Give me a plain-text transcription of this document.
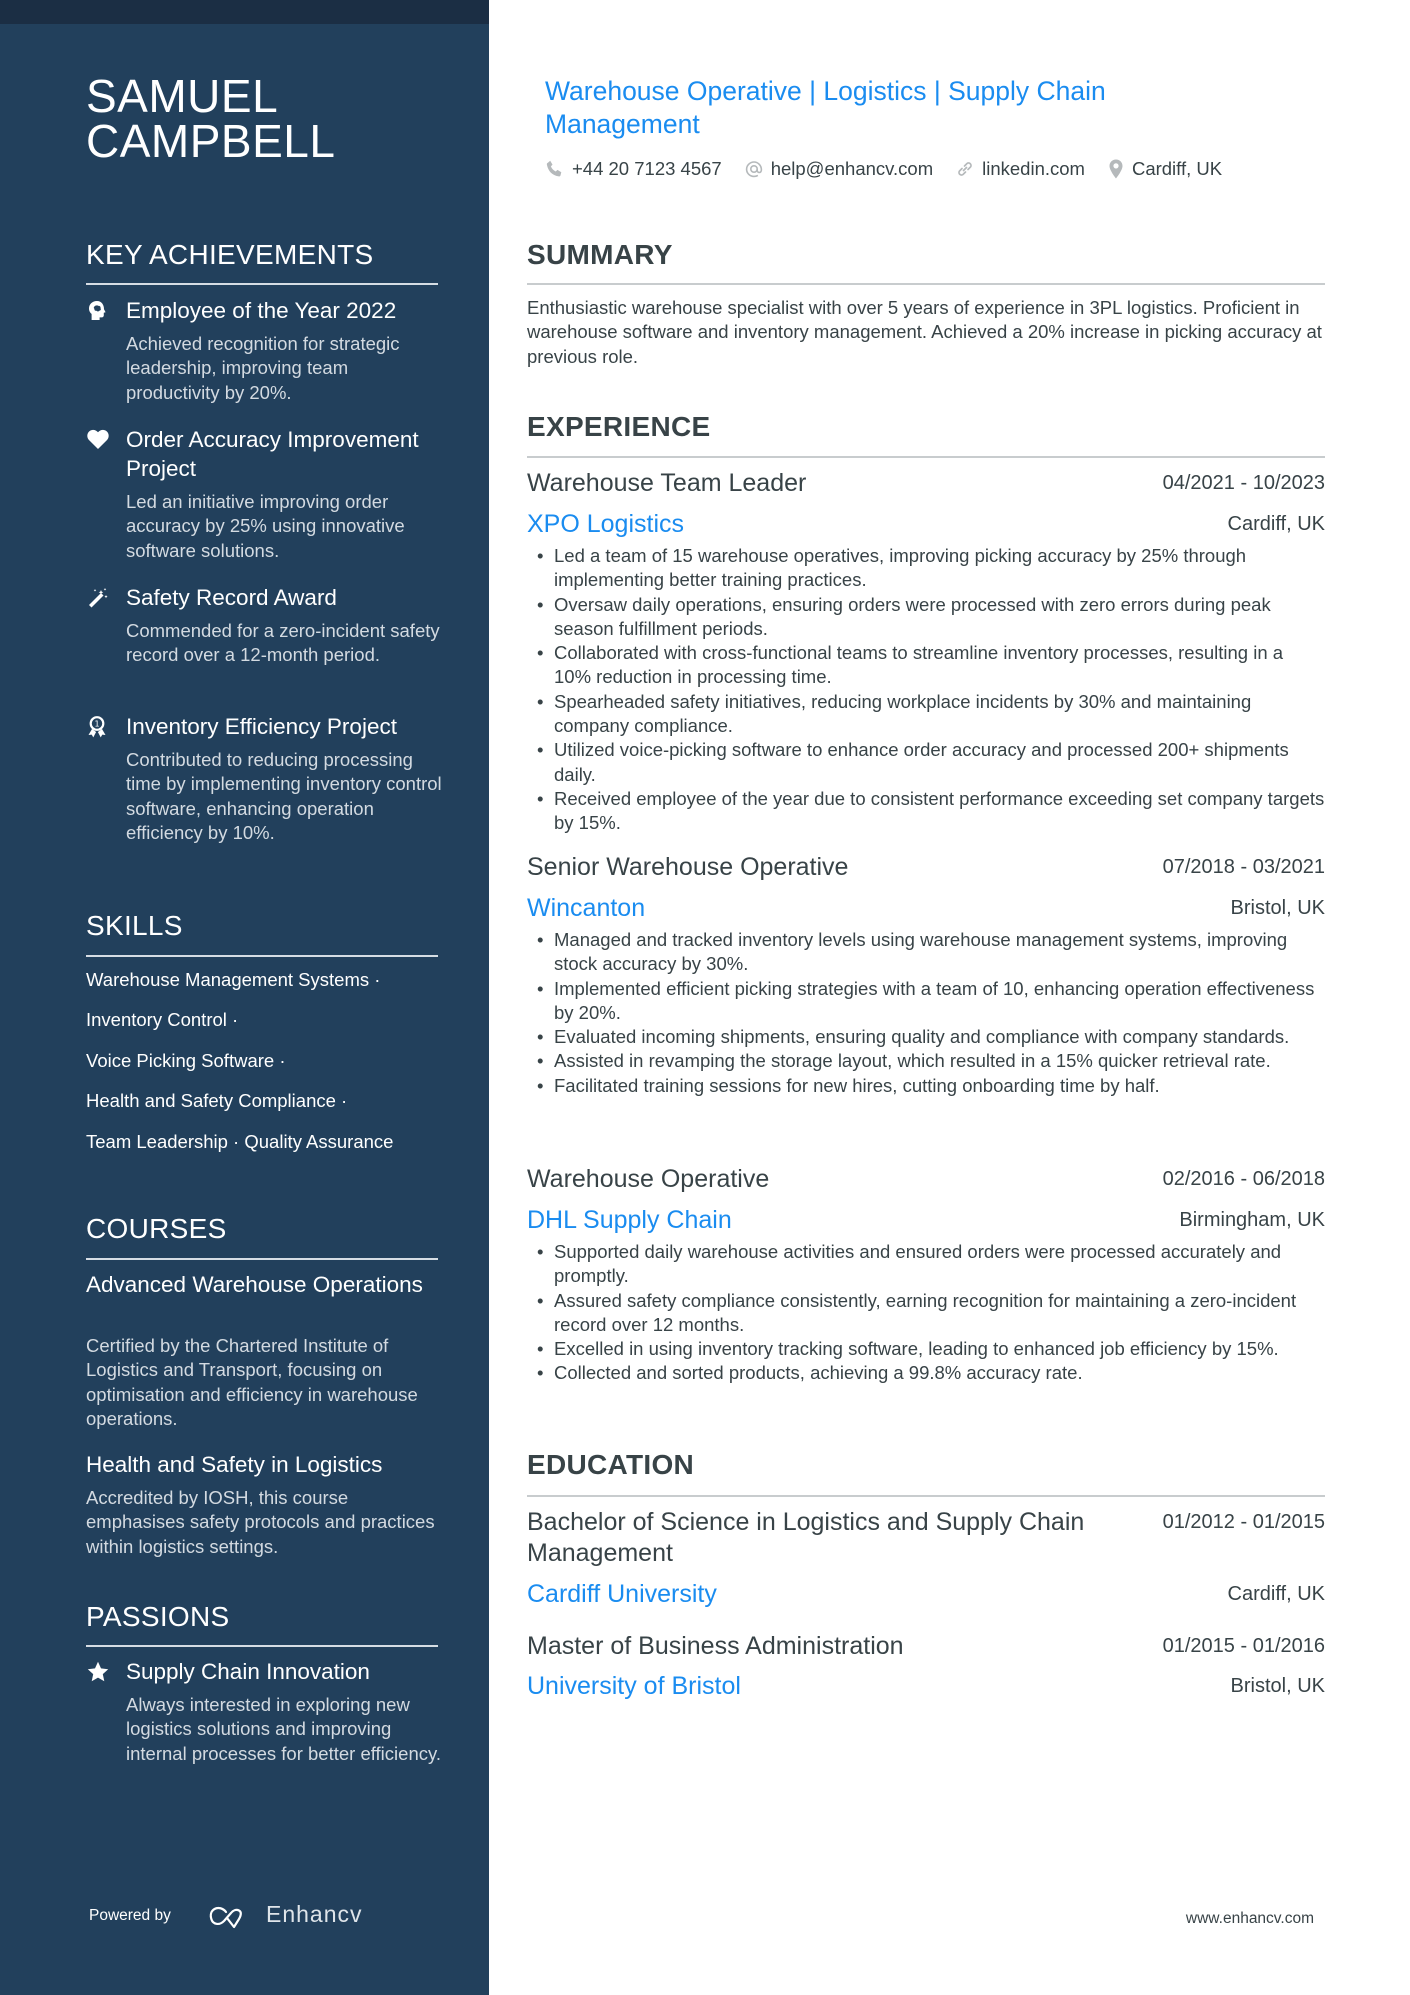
SAMUEL
CAMPBELL
KEY ACHIEVEMENTS
Employee of the Year 2022
Achieved recognition for strategic leadership, improving team productivity by 20%.
Order Accuracy Improvement Project
Led an initiative improving order accuracy by 25% using innovative software solutions.
Safety Record Award
Commended for a zero-incident safety record over a 12-month period.
1 Inventory Efficiency Project
Contributed to reducing processing time by implementing inventory control software, enhancing operation efficiency by 10%.
SKILLS
Warehouse Management Systems ·
Inventory Control ·
Voice Picking Software ·
Health and Safety Compliance ·
Team Leadership · Quality Assurance
COURSES
Advanced Warehouse Operations
Certified by the Chartered Institute of Logistics and Transport, focusing on optimisation and efficiency in warehouse operations.
Health and Safety in Logistics
Accredited by IOSH, this course emphasises safety protocols and practices within logistics settings.
PASSIONS
Supply Chain Innovation
Always interested in exploring new logistics solutions and improving internal processes for better efficiency.
Powered by	Enhancv
Warehouse Operative | Logistics | Supply Chain Management
+44 20 7123 4567	help@enhancv.com	linkedin.com	Cardiff, UK
SUMMARY

Enthusiastic warehouse specialist with over 5 years of experience in 3PL logistics. Proficient in warehouse software and inventory management. Achieved a 20% increase in picking accuracy at previous role.

EXPERIENCE
Warehouse Team Leader	04/2021 - 10/2023
XPO Logistics	Cardiff, UK
• Led a team of 15 warehouse operatives, improving picking accuracy by 25% through implementing better training practices.
• Oversaw daily operations, ensuring orders were processed with zero errors during peak season fulfillment periods.
• Collaborated with cross-functional teams to streamline inventory processes, resulting in a 10% reduction in processing time.
• Spearheaded safety initiatives, reducing workplace incidents by 30% and maintaining company compliance.
• Utilized voice-picking software to enhance order accuracy and processed 200+ shipments daily.
• Received employee of the year due to consistent performance exceeding set company targets by 15%.
Senior Warehouse Operative	07/2018 - 03/2021
Wincanton	Bristol, UK
• Managed and tracked inventory levels using warehouse management systems, improving stock accuracy by 30%.
• Implemented efficient picking strategies with a team of 10, enhancing operation effectiveness by 20%.
• Evaluated incoming shipments, ensuring quality and compliance with company standards.
• Assisted in revamping the storage layout, which resulted in a 15% quicker retrieval rate.
• Facilitated training sessions for new hires, cutting onboarding time by half.
Warehouse Operative	02/2016 - 06/2018
DHL Supply Chain	Birmingham, UK
• Supported daily warehouse activities and ensured orders were processed accurately and promptly.
• Assured safety compliance consistently, earning recognition for maintaining a zero-incident record over 12 months.
• Excelled in using inventory tracking software, leading to enhanced job efficiency by 15%.
• Collected and sorted products, achieving a 99.8% accuracy rate.
EDUCATION
Bachelor of Science in Logistics and Supply Chain Management
01/2012 - 01/2015
Cardiff University	Cardiff, UK
Master of Business Administration	01/2015 - 01/2016
University of Bristol	Bristol, UK
www.enhancv.com
